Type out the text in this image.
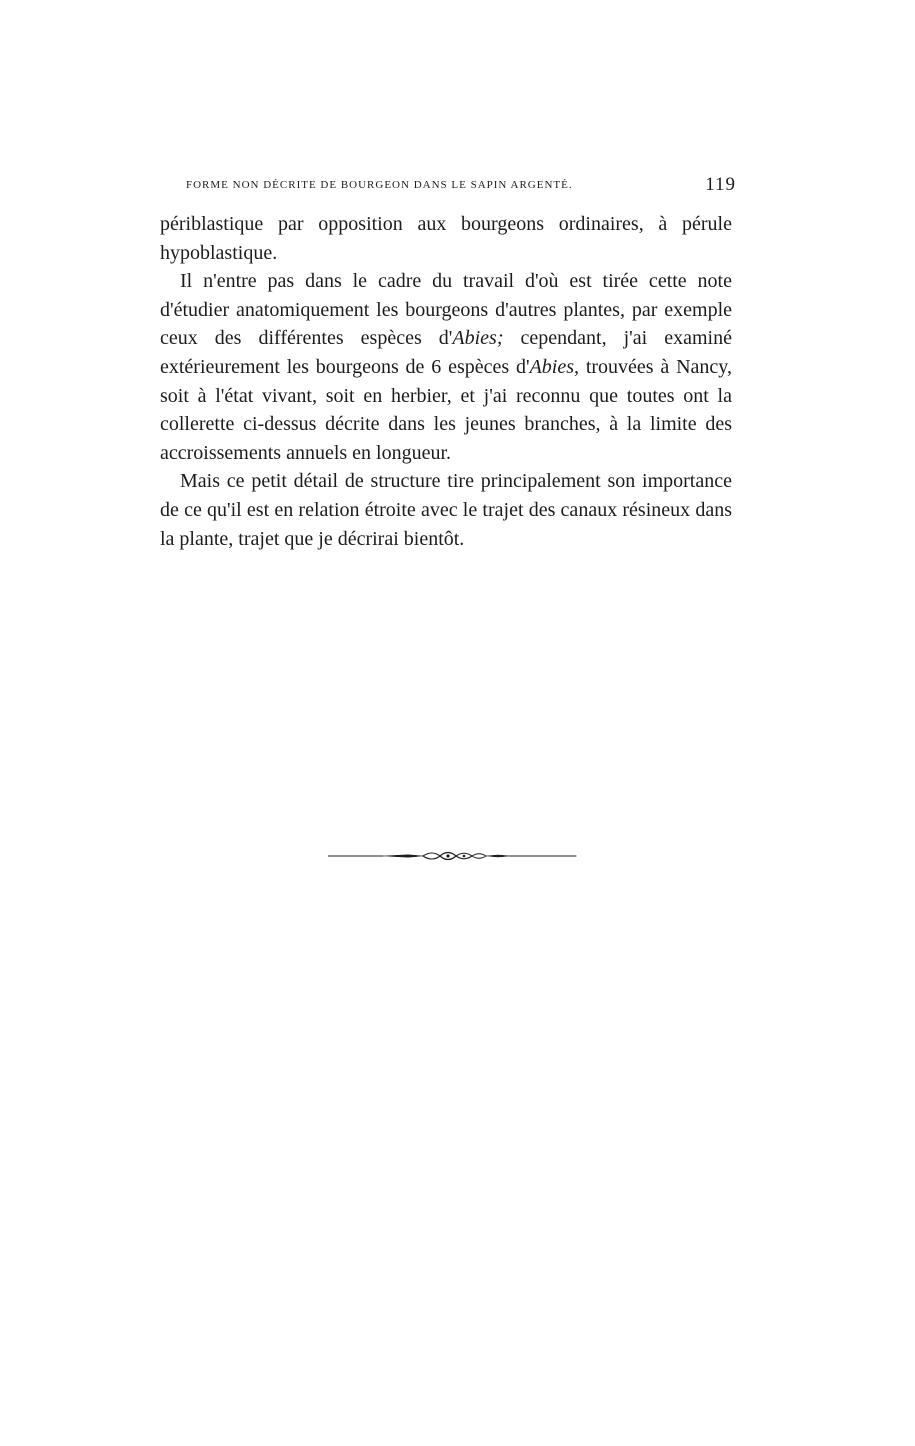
FORME NON DÉCRITE DE BOURGEON DANS LE SAPIN ARGENTÉ.	119

périblastique par opposition aux bourgeons ordinaires, à pérule hypoblastique.

Il n'entre pas dans le cadre du travail d'où est tirée cette note d'étudier anatomiquement les bourgeons d'autres plantes, par exemple ceux des différentes espèces d'Abies; cependant, j'ai examiné extérieurement les bourgeons de 6 espèces d'Abies, trouvées à Nancy, soit à l'état vivant, soit en herbier, et j'ai reconnu que toutes ont la collerette ci-dessus décrite dans les jeunes branches, à la limite des accroissements annuels en longueur.

Mais ce petit détail de structure tire principalement son importance de ce qu'il est en relation étroite avec le trajet des canaux résineux dans la plante, trajet que je décrirai bientôt.
